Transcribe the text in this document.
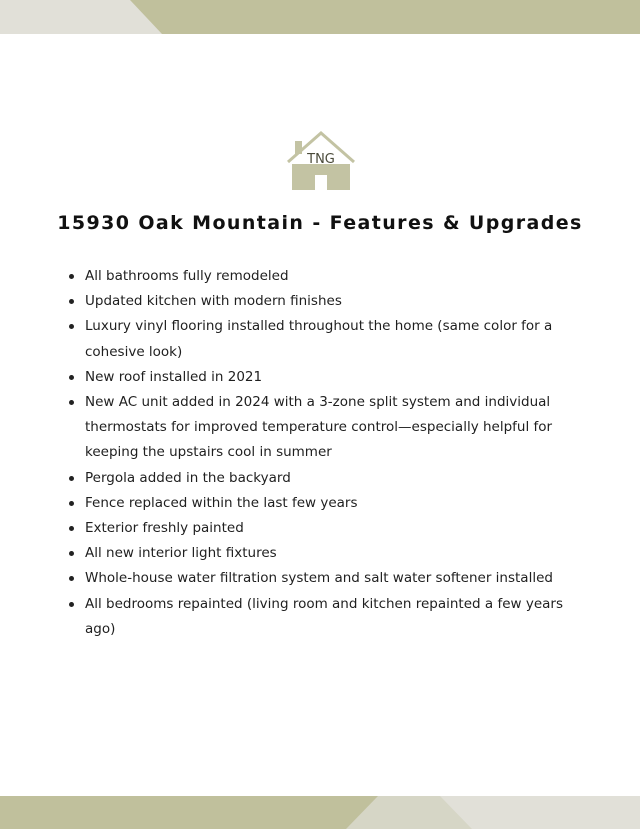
TNG
15930 Oak Mountain - Features & Upgrades
All bathrooms fully remodeled
Updated kitchen with modern finishes
Luxury vinyl flooring installed throughout the home (same color for a cohesive look)
New roof installed in 2021
New AC unit added in 2024 with a 3-zone split system and individual thermostats for improved temperature control—especially helpful for keeping the upstairs cool in summer
Pergola added in the backyard
Fence replaced within the last few years
Exterior freshly painted
All new interior light fixtures
Whole-house water filtration system and salt water softener installed
All bedrooms repainted (living room and kitchen repainted a few years ago)
